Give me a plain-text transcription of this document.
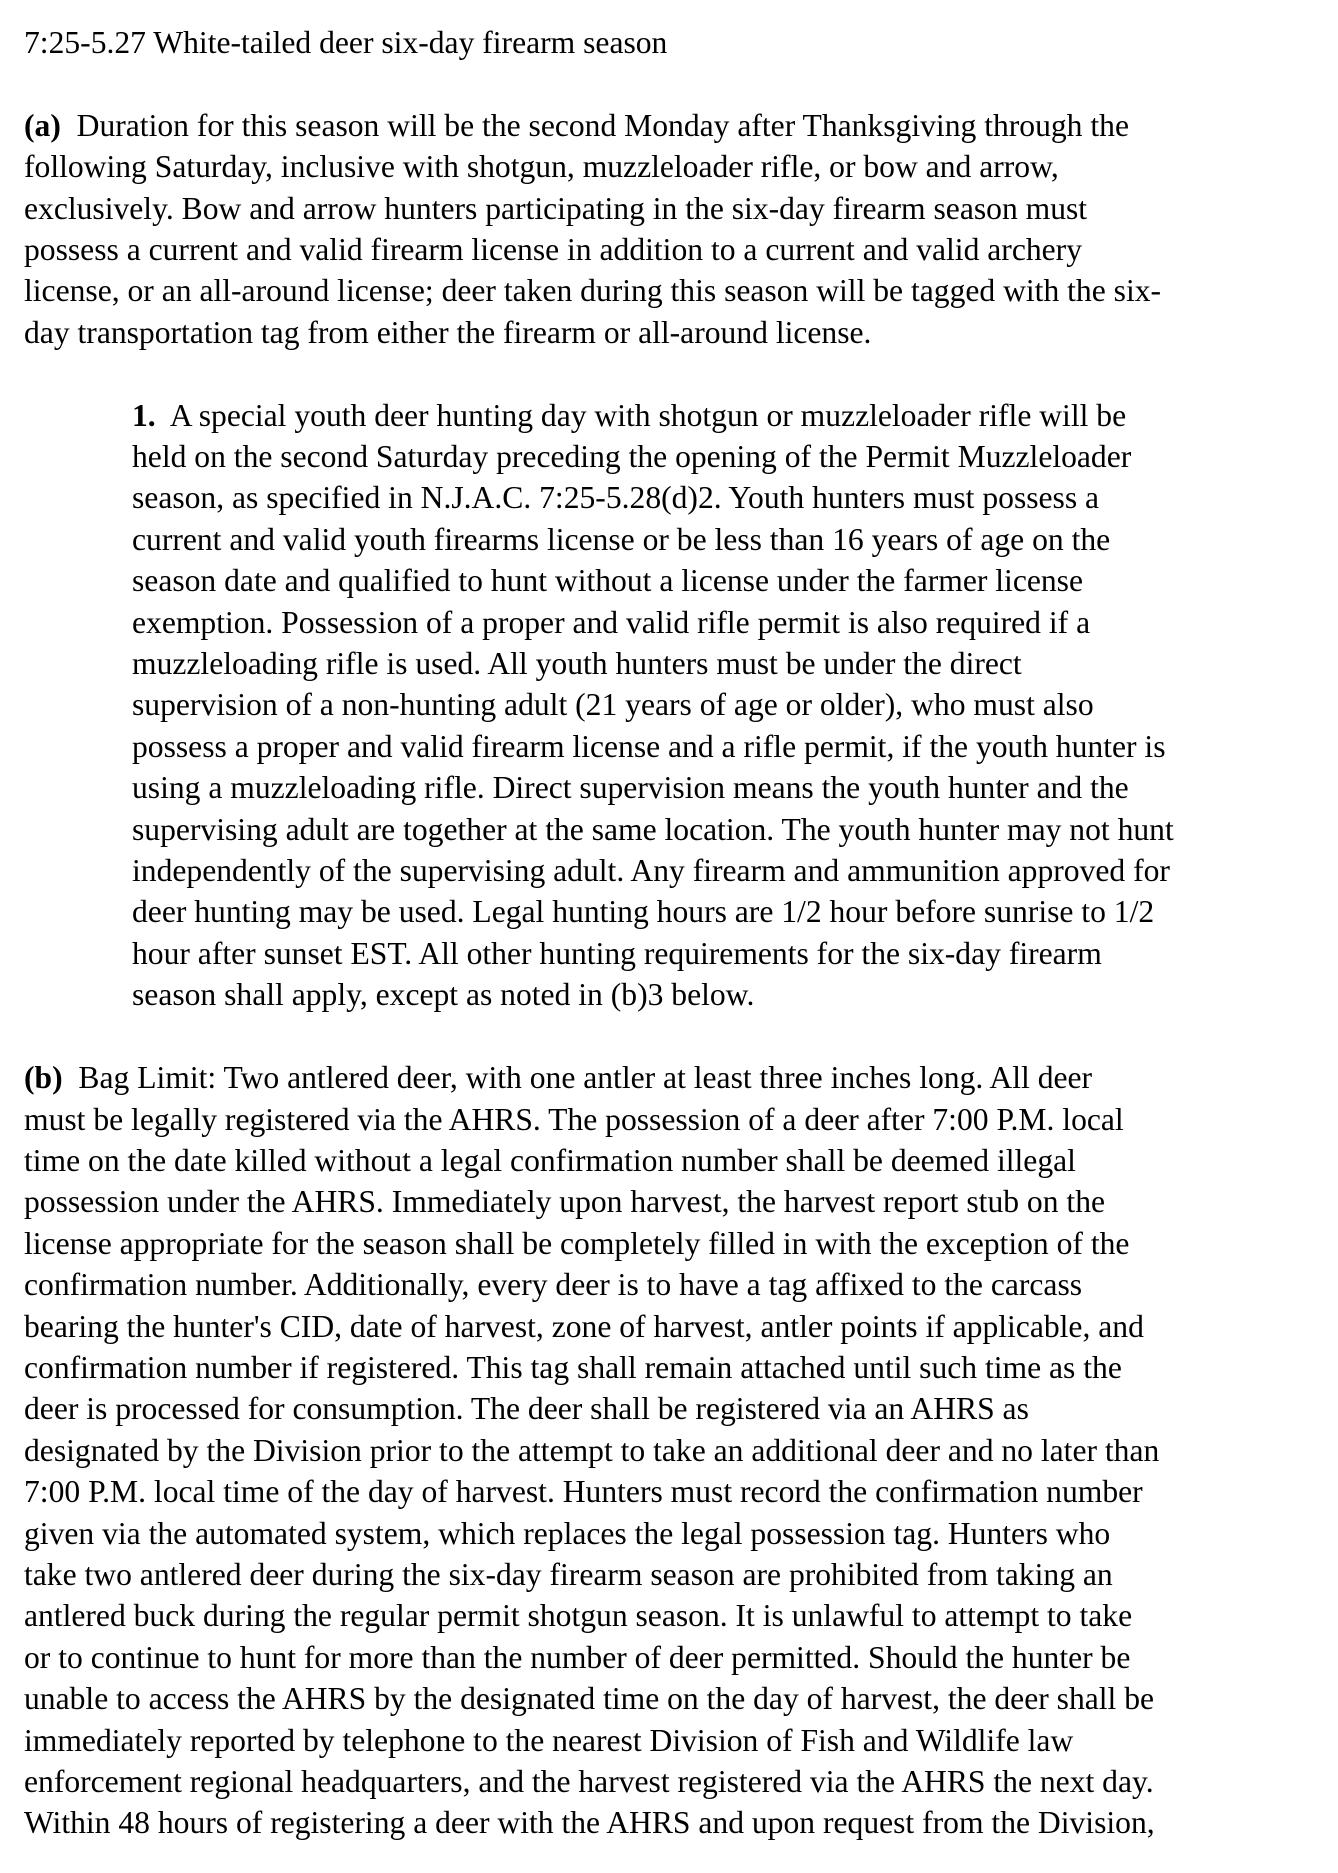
7:25-5.27 White-tailed deer six-day firearm season
(a) Duration for this season will be the second Monday after Thanksgiving through the
following Saturday, inclusive with shotgun, muzzleloader rifle, or bow and arrow,
exclusively. Bow and arrow hunters participating in the six-day firearm season must
possess a current and valid firearm license in addition to a current and valid archery
license, or an all-around license; deer taken during this season will be tagged with the six-
day transportation tag from either the firearm or all-around license.
1. A special youth deer hunting day with shotgun or muzzleloader rifle will be
held on the second Saturday preceding the opening of the Permit Muzzleloader
season, as specified in N.J.A.C. 7:25-5.28(d)2. Youth hunters must possess a
current and valid youth firearms license or be less than 16 years of age on the
season date and qualified to hunt without a license under the farmer license
exemption. Possession of a proper and valid rifle permit is also required if a
muzzleloading rifle is used. All youth hunters must be under the direct
supervision of a non-hunting adult (21 years of age or older), who must also
possess a proper and valid firearm license and a rifle permit, if the youth hunter is
using a muzzleloading rifle. Direct supervision means the youth hunter and the
supervising adult are together at the same location. The youth hunter may not hunt
independently of the supervising adult. Any firearm and ammunition approved for
deer hunting may be used. Legal hunting hours are 1/2 hour before sunrise to 1/2
hour after sunset EST. All other hunting requirements for the six-day firearm
season shall apply, except as noted in (b)3 below.
(b) Bag Limit: Two antlered deer, with one antler at least three inches long. All deer
must be legally registered via the AHRS. The possession of a deer after 7:00 P.M. local
time on the date killed without a legal confirmation number shall be deemed illegal
possession under the AHRS. Immediately upon harvest, the harvest report stub on the
license appropriate for the season shall be completely filled in with the exception of the
confirmation number. Additionally, every deer is to have a tag affixed to the carcass
bearing the hunter's CID, date of harvest, zone of harvest, antler points if applicable, and
confirmation number if registered. This tag shall remain attached until such time as the
deer is processed for consumption. The deer shall be registered via an AHRS as
designated by the Division prior to the attempt to take an additional deer and no later than
7:00 P.M. local time of the day of harvest. Hunters must record the confirmation number
given via the automated system, which replaces the legal possession tag. Hunters who
take two antlered deer during the six-day firearm season are prohibited from taking an
antlered buck during the regular permit shotgun season. It is unlawful to attempt to take
or to continue to hunt for more than the number of deer permitted. Should the hunter be
unable to access the AHRS by the designated time on the day of harvest, the deer shall be
immediately reported by telephone to the nearest Division of Fish and Wildlife law
enforcement regional headquarters, and the harvest registered via the AHRS the next day.
Within 48 hours of registering a deer with the AHRS and upon request from the Division,
